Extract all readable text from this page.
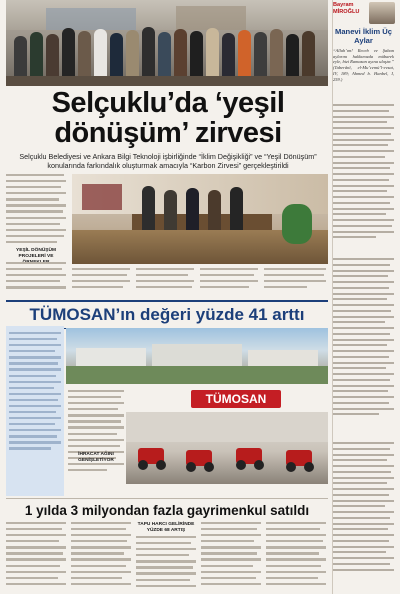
Selçuklu’da ‘yeşil
dönüşüm’ zirvesi
Selçuklu Belediyesi ve Ankara Bilgi Teknoloji işbirliğinde “İklim Değişikliği” ve “Yeşil Dönüşüm” konularında farkındalık oluşturmak amacıyla “Karbon Zirvesi” gerçekleştirildi
YEŞİL DÖNÜŞÜM PROJELERİ VE
TÜMOSAN’ın değeri yüzde 41 arttı
TÜMOSAN
İHRACAT AĞINI GENİŞLETİYOR
1 yılda 3 milyondan fazla gayrimenkul satıldı
TAPU HARCI GELİRİNDE YÜZDE 68 ARTIŞ
Bayram
MİROĞLU
Manevi İklim Üç Aylar
“Allah’ım! Receb ve Şaban aylarını hakkımızda mübarek eyle, bizi Ramazan ayına ulaştır.” (Taberânî, el-Mu’cemü’l-evsat, IV, 189; Ahmed b. Hanbel, I, 259.)
